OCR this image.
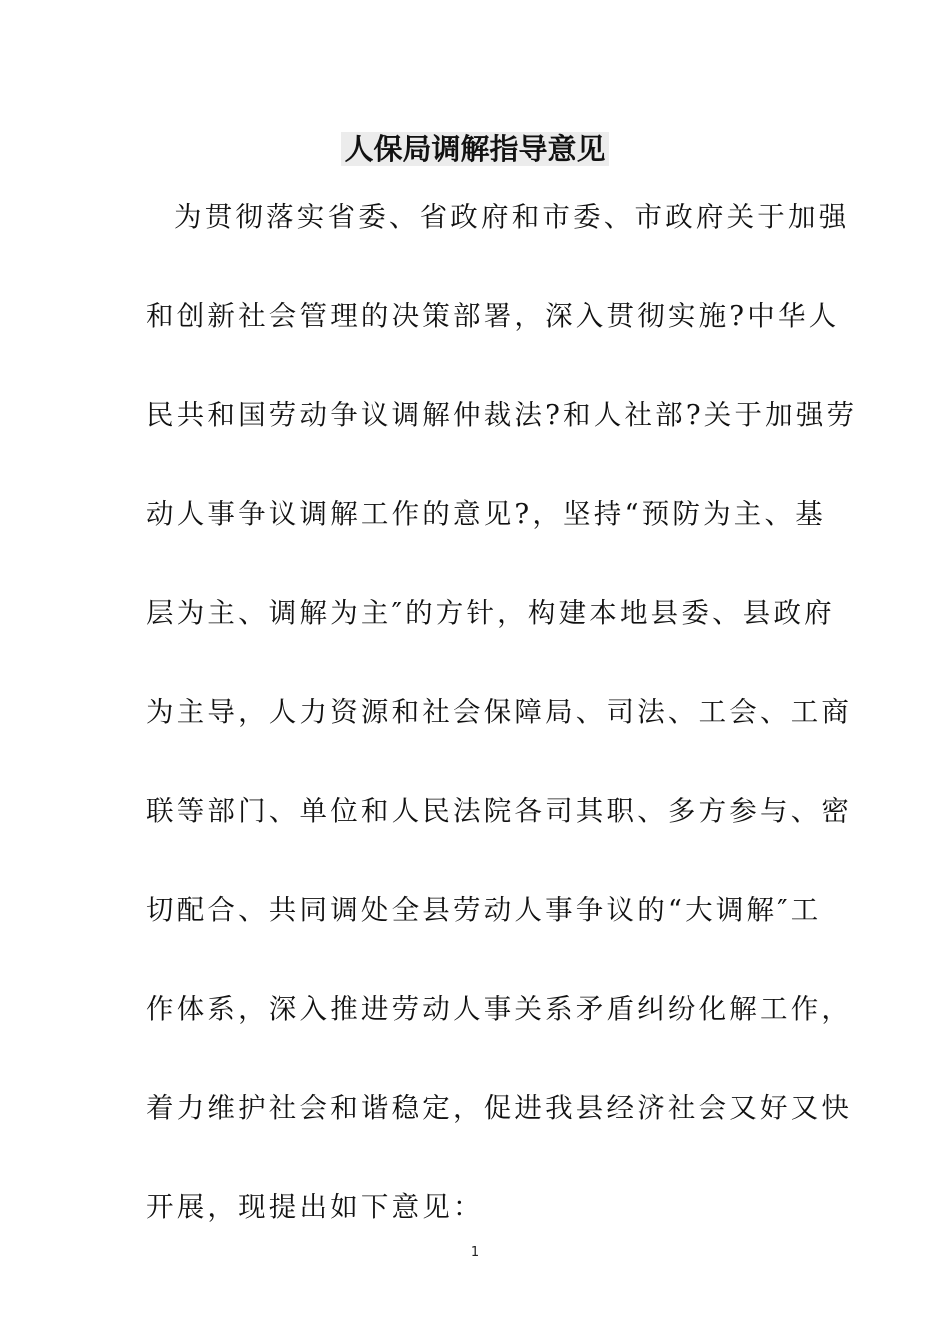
人保局调解指导意见
为贯彻落实省委、省政府和市委、市政府关于加强
和创新社会管理的决策部署，深入贯彻实施?中华人
民共和国劳动争议调解仲裁法?和人社部?关于加强劳
动人事争议调解工作的意见?，坚持“预防为主、基
层为主、调解为主″的方针，构建本地县委、县政府
为主导，人力资源和社会保障局、司法、工会、工商
联等部门、单位和人民法院各司其职、多方参与、密
切配合、共同调处全县劳动人事争议的“大调解″工
作体系，深入推进劳动人事关系矛盾纠纷化解工作，
着力维护社会和谐稳定，促进我县经济社会又好又快
开展，现提出如下意见：
1
